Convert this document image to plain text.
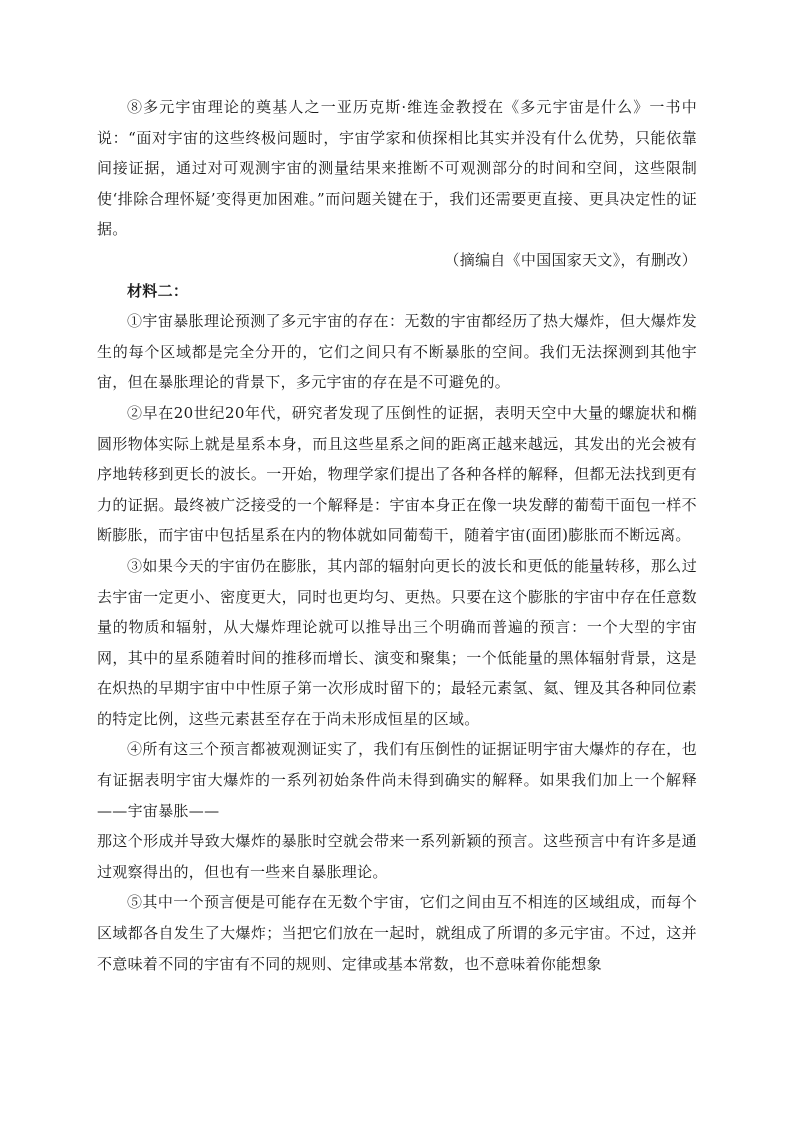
⑧多元宇宙理论的奠基人之一亚历克斯·维连金教授在《多元宇宙是什么》一书中说：“面对宇宙的这些终极问题时，宇宙学家和侦探相比其实并没有什么优势，只能依靠间接证据，通过对可观测宇宙的测量结果来推断不可观测部分的时间和空间，这些限制使‘排除合理怀疑’变得更加困难。”而问题关键在于，我们还需要更直接、更具决定性的证据。

（摘编自《中国国家天文》，有删改）

材料二：

①宇宙暴胀理论预测了多元宇宙的存在：无数的宇宙都经历了热大爆炸，但大爆炸发生的每个区域都是完全分开的，它们之间只有不断暴胀的空间。我们无法探测到其他宇宙，但在暴胀理论的背景下，多元宇宙的存在是不可避免的。

②早在20世纪20年代，研究者发现了压倒性的证据，表明天空中大量的螺旋状和椭圆形物体实际上就是星系本身，而且这些星系之间的距离正越来越远，其发出的光会被有序地转移到更长的波长。一开始，物理学家们提出了各种各样的解释，但都无法找到更有力的证据。最终被广泛接受的一个解释是：宇宙本身正在像一块发酵的葡萄干面包一样不断膨胀，而宇宙中包括星系在内的物体就如同葡萄干，随着宇宙(面团)膨胀而不断远离。

③如果今天的宇宙仍在膨胀，其内部的辐射向更长的波长和更低的能量转移，那么过去宇宙一定更小、密度更大，同时也更均匀、更热。只要在这个膨胀的宇宙中存在任意数量的物质和辐射，从大爆炸理论就可以推导出三个明确而普遍的预言：一个大型的宇宙网，其中的星系随着时间的推移而增长、演变和聚集；一个低能量的黑体辐射背景，这是在炽热的早期宇宙中中性原子第一次形成时留下的；最轻元素氢、氦、锂及其各种同位素的特定比例，这些元素甚至存在于尚未形成恒星的区域。

④所有这三个预言都被观测证实了，我们有压倒性的证据证明宇宙大爆炸的存在，也有证据表明宇宙大爆炸的一系列初始条件尚未得到确实的解释。如果我们加上一个解释——宇宙暴胀——

那这个形成并导致大爆炸的暴胀时空就会带来一系列新颖的预言。这些预言中有许多是通过观察得出的，但也有一些来自暴胀理论。

⑤其中一个预言便是可能存在无数个宇宙，它们之间由互不相连的区域组成，而每个区域都各自发生了大爆炸；当把它们放在一起时，就组成了所谓的多元宇宙。不过，这并不意味着不同的宇宙有不同的规则、定律或基本常数，也不意味着你能想象
